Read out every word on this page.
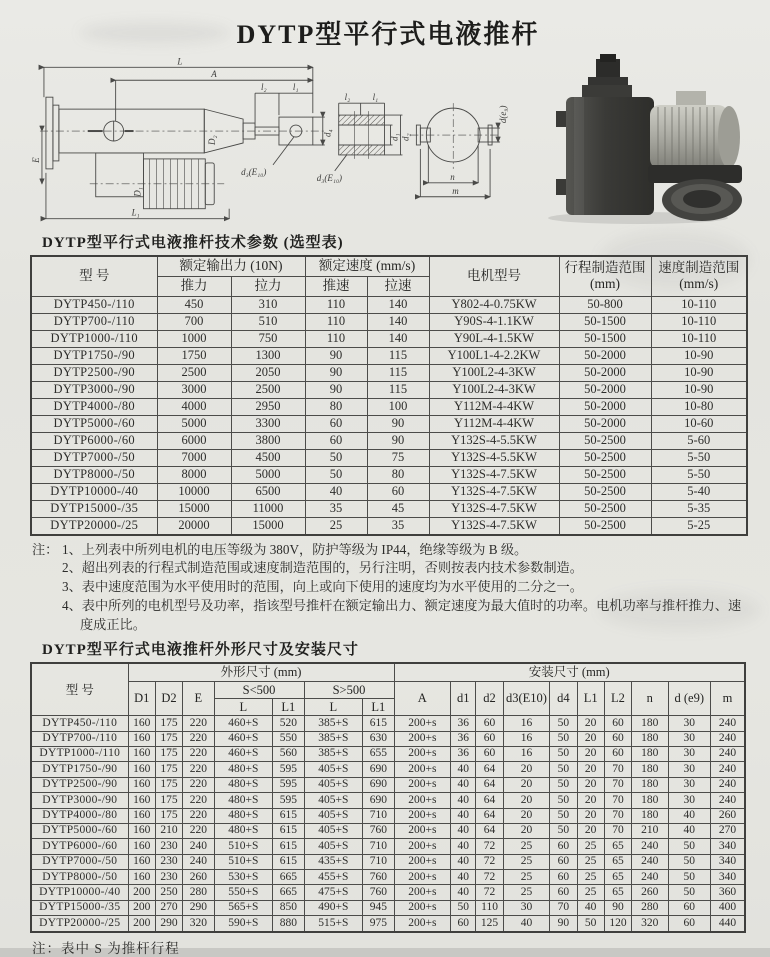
DYTP型平行式电液推杆
L
A
l₂	l₁
D₂
d₄
d₃(E₁₀)
E
D₁
L₁
l₂ l₁
d₃(E₁₀)
d₁ d₂
n
m
d(e₉)
DYTP型平行式电液推杆技术参数 (选型表)
型 号	额定输出力 (10N)		额定速度 (mm/s)		电机型号	行程制造范围
(mm)	速度制造范围
(mm/s)
	推力	拉力	推速	拉速			
DYTP450-/110	450	310	110	140	Y802-4-0.75KW	50-800	10-110
DYTP700-/110	700	510	110	140	Y90S-4-1.1KW	50-1500	10-110
DYTP1000-/110	1000	750	110	140	Y90L-4-1.5KW	50-1500	10-110
DYTP1750-/90	1750	1300	90	115	Y100L1-4-2.2KW	50-2000	10-90
DYTP2500-/90	2500	2050	90	115	Y100L2-4-3KW	50-2000	10-90
DYTP3000-/90	3000	2500	90	115	Y100L2-4-3KW	50-2000	10-90
DYTP4000-/80	4000	2950	80	100	Y112M-4-4KW	50-2000	10-80
DYTP5000-/60	5000	3300	60	90	Y112M-4-4KW	50-2000	10-60
DYTP6000-/60	6000	3800	60	90	Y132S-4-5.5KW	50-2500	5-60
DYTP7000-/50	7000	4500	50	75	Y132S-4-5.5KW	50-2500	5-50
DYTP8000-/50	8000	5000	50	80	Y132S-4-7.5KW	50-2500	5-50
DYTP10000-/40	10000	6500	40	60	Y132S-4-7.5KW	50-2500	5-40
DYTP15000-/35	15000	11000	35	45	Y132S-4-7.5KW	50-2500	5-35
DYTP20000-/25	20000	15000	25	35	Y132S-4-7.5KW	50-2500	5-25
注： 1、上列表中所列电机的电压等级为 380V，防护等级为 IP44，绝缘等级为 B 级。
2、超出列表的行程式制造范围或速度制造范围的，另行注明，否则按表内技术参数制造。
3、表中速度范围为水平使用时的范围，向上或向下使用的速度均为水平使用的二分之一。
4、表中所列的电机型号及功率，指该型号推杆在额定输出力、额定速度为最大值时的功率。电机功率与推杆推力、速度成正比。
DYTP型平行式电液推杆外形尺寸及安装尺寸
型 号	外形尺寸 (mm)							安装尺寸 (mm)									
	D1	D2	E	S<500		S>500		A	d1	d2	d3(E10)	d4	L1	L2	n	d (e9)	m
				L	L1	L	L1										
DYTP450-/110	160	175	220	460+S	520	385+S	615	200+s	36	60	16	50	20	60	180	30	240
DYTP700-/110	160	175	220	460+S	550	385+S	630	200+s	36	60	16	50	20	60	180	30	240
DYTP1000-/110	160	175	220	460+S	560	385+S	655	200+s	36	60	16	50	20	60	180	30	240
DYTP1750-/90	160	175	220	480+S	595	405+S	690	200+s	40	64	20	50	20	70	180	30	240
DYTP2500-/90	160	175	220	480+S	595	405+S	690	200+s	40	64	20	50	20	70	180	30	240
DYTP3000-/90	160	175	220	480+S	595	405+S	690	200+s	40	64	20	50	20	70	180	30	240
DYTP4000-/80	160	175	220	480+S	615	405+S	710	200+s	40	64	20	50	20	70	180	40	260
DYTP5000-/60	160	210	220	480+S	615	405+S	760	200+s	40	64	20	50	20	70	210	40	270
DYTP6000-/60	160	230	240	510+S	615	405+S	710	200+s	40	72	25	60	25	65	240	50	340
DYTP7000-/50	160	230	240	510+S	615	435+S	710	200+s	40	72	25	60	25	65	240	50	340
DYTP8000-/50	160	230	260	530+S	665	455+S	760	200+s	40	72	25	60	25	65	240	50	340
DYTP10000-/40	200	250	280	550+S	665	475+S	760	200+s	40	72	25	60	25	65	260	50	360
DYTP15000-/35	200	270	290	565+S	850	490+S	945	200+s	50	110	30	70	40	90	280	60	400
DYTP20000-/25	200	290	320	590+S	880	515+S	975	200+s	60	125	40	90	50	120	320	60	440
注：表中 S 为推杆行程
